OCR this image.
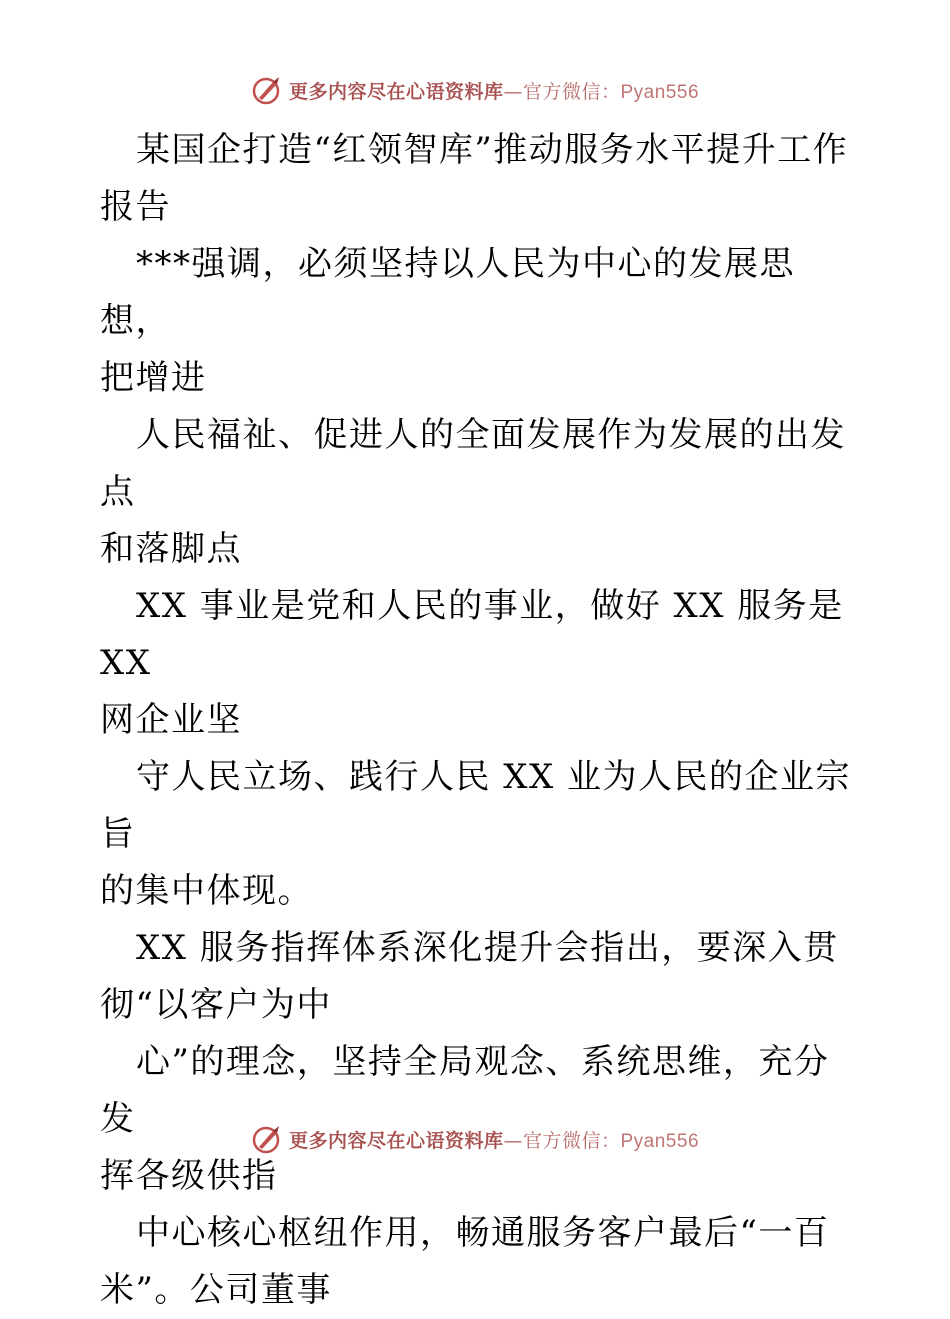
更多内容尽在心语资料库—官方微信：Pyan556

某国企打造“红领智库”推动服务水平提升工作
报告

***强调，必须坚持以人民为中心的发展思想，
把增进

人民福祉、促进人的全面发展作为发展的出发点
和落脚点

XX 事业是党和人民的事业，做好 XX 服务是 XX
网企业坚

守人民立场、践行人民 XX 业为人民的企业宗旨
的集中体现。

XX 服务指挥体系深化提升会指出，要深入贯
彻“以客户为中

心”的理念，坚持全局观念、系统思维，充分发
挥各级供指

中心核心枢纽作用，畅通服务客户最后“一百
米”。公司董事

更多内容尽在心语资料库—官方微信：Pyan556
